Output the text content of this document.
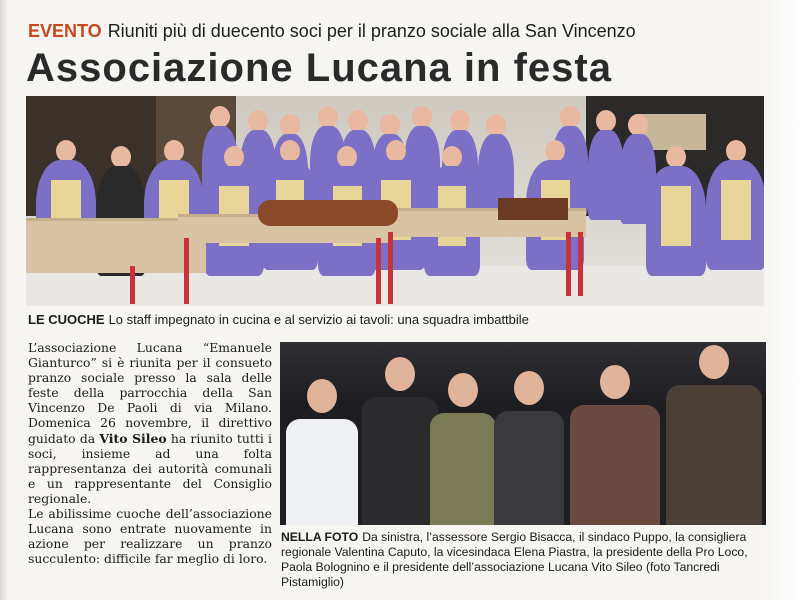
EVENTO Riuniti più di duecento soci per il pranzo sociale alla San Vincenzo
Associazione Lucana in festa
LE CUOCHE Lo staff impegnato in cucina e al servizio ai tavoli: una squadra imbattbile

L’associazione Lucana “Emanuele Gianturco” si è riunita per il consueto pranzo sociale presso la sala delle feste della parrocchia della San Vincenzo De Paoli di via Milano. Domenica 26 novembre, il direttivo guidato da Vito Sileo ha riunito tutti i soci, insieme ad una folta rappresentanza dei autorità comunali e un rappresentante del Consiglio regionale.

Le abilissime cuoche dell’associazione Lucana sono entrate nuovamente in azione per realizzare un pranzo succulento: difficile far meglio di loro.

NELLA FOTO Da sinistra, l’assessore Sergio Bisacca, il sindaco Puppo, la consigliera regionale Valentina Caputo, la vicesindaca Elena Piastra, la presidente della Pro Loco, Paola Bolognino e il presidente dell’associazione Lucana Vito Sileo (foto Tancredi Pistamiglio)
